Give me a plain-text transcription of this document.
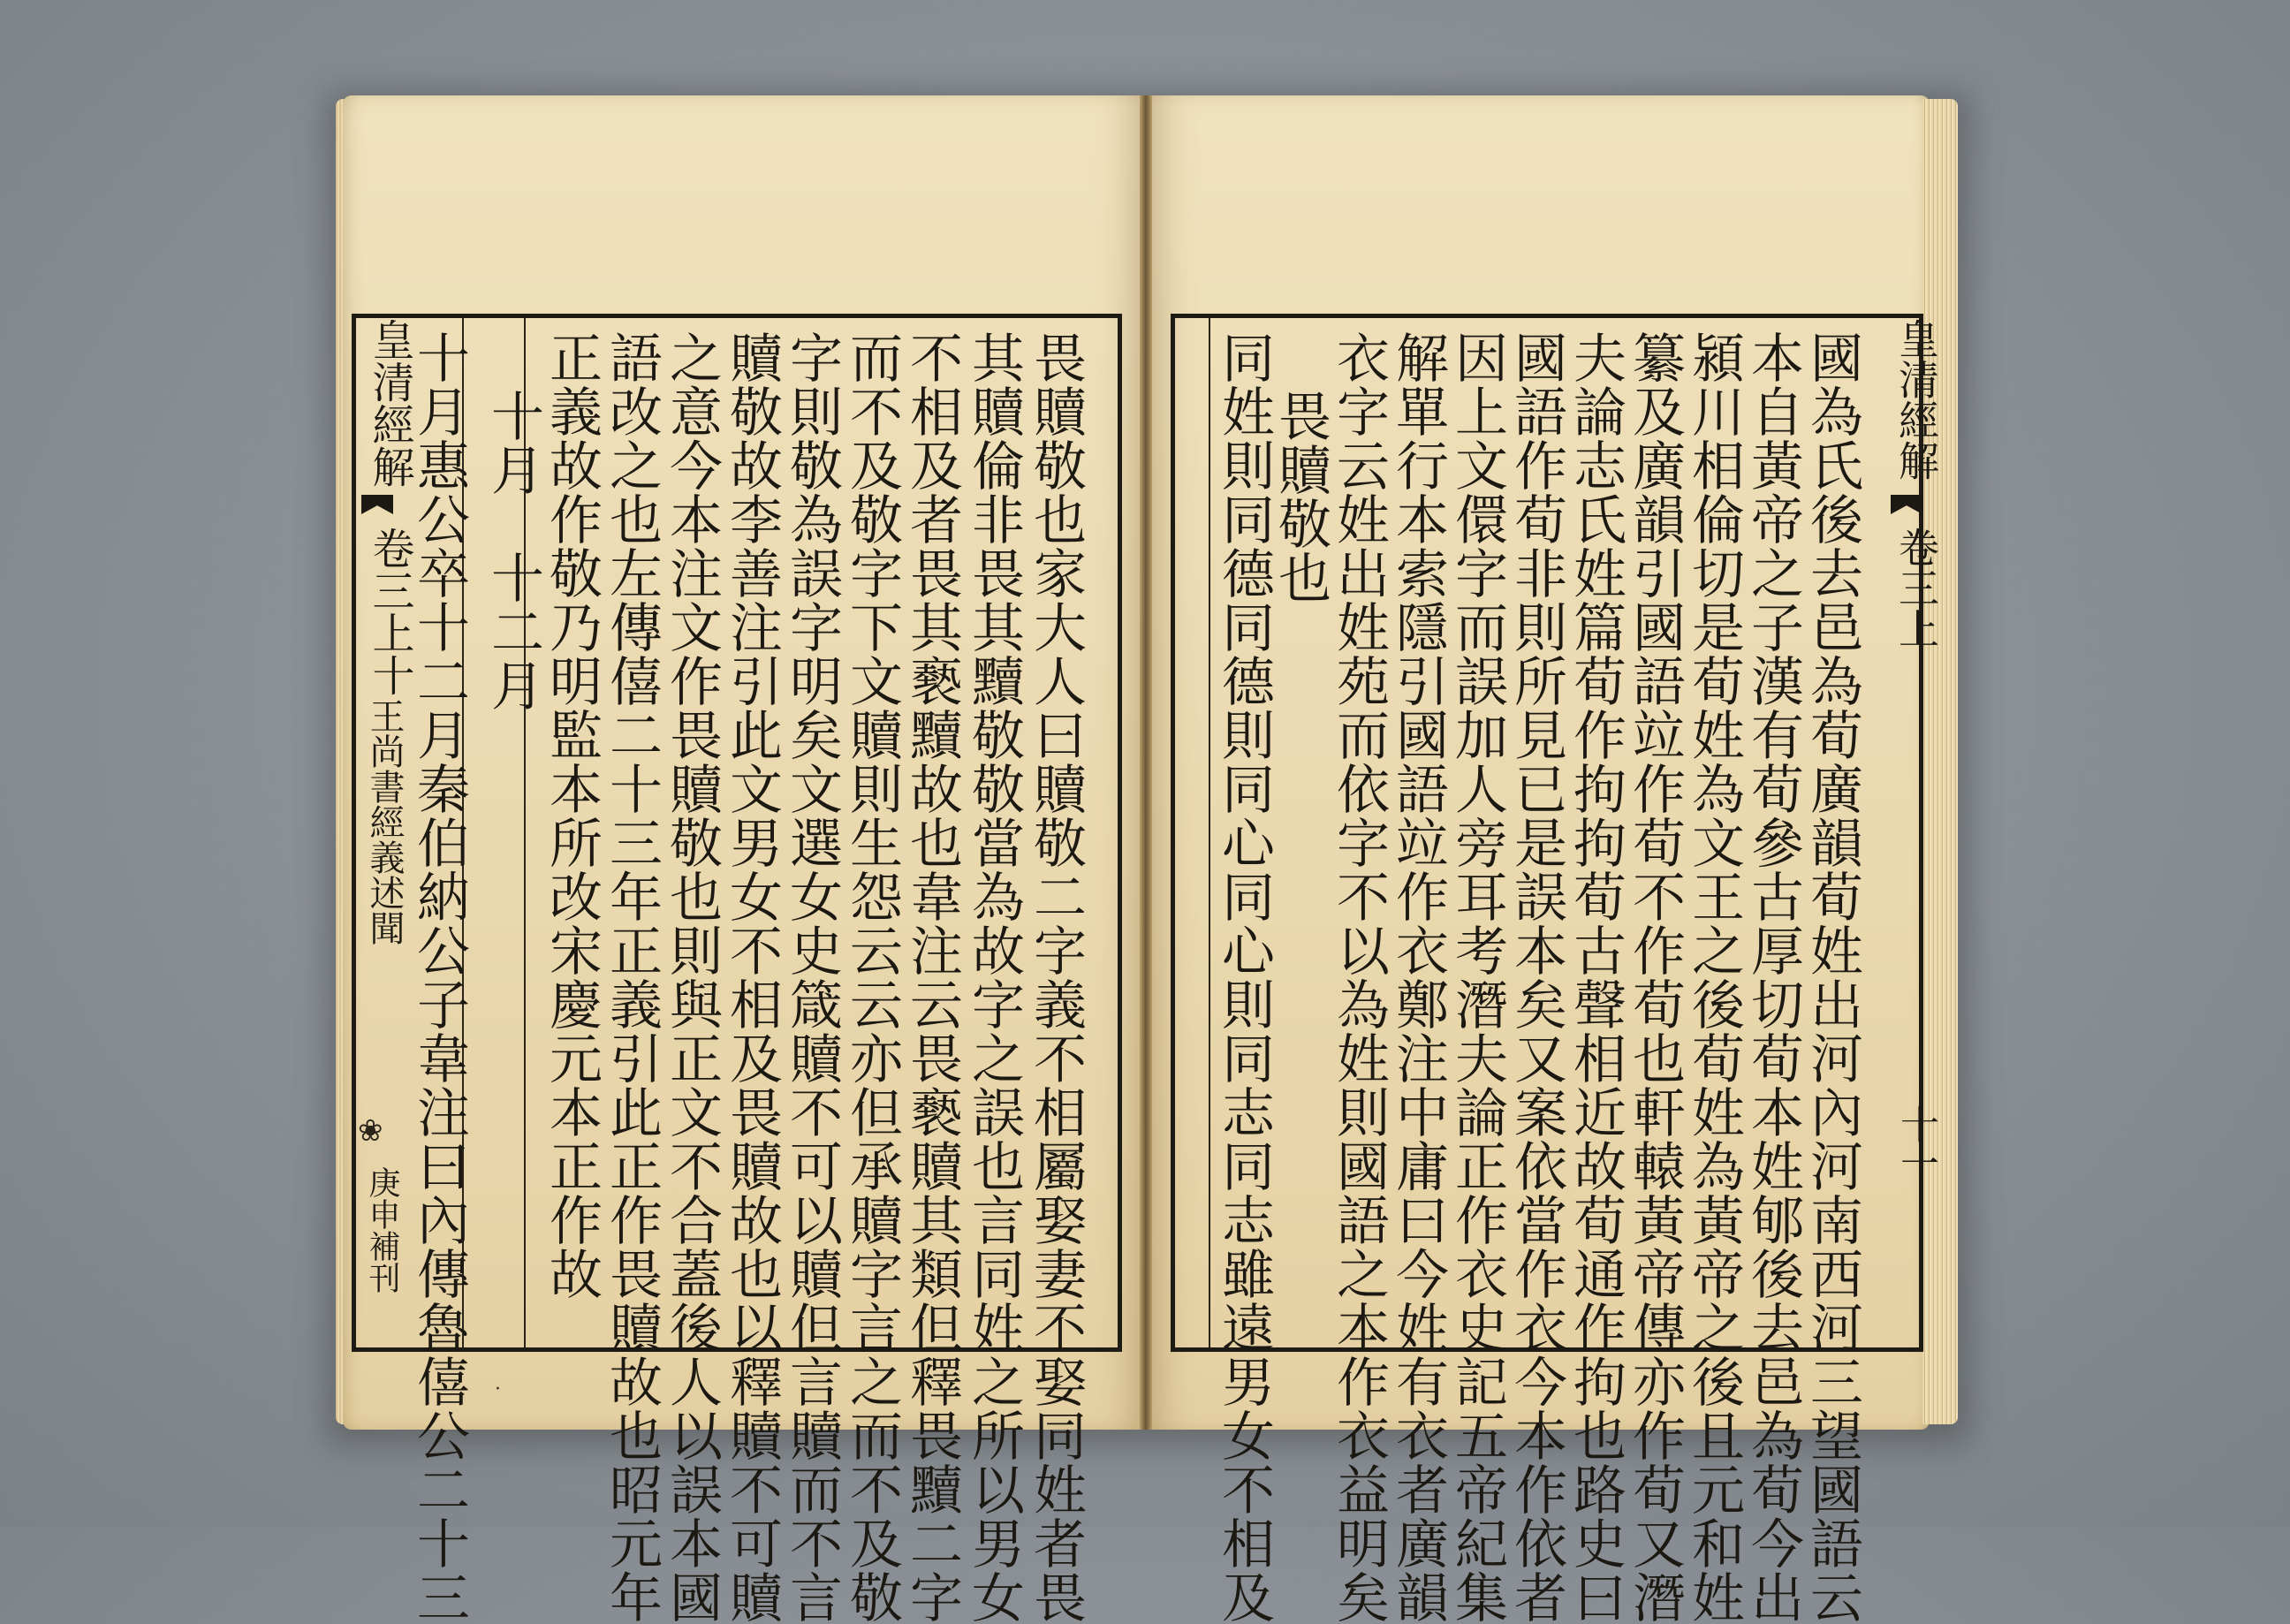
畏贖敬也家大人曰贖敬二字義不相屬娶妻不娶同姓者畏
其贖倫非畏其黷敬敬當為故字之誤也言同姓之所以男女
不相及者畏其褻黷故也韋注云畏褻贖其類但釋畏黷二字
而不及敬字下文贖則生怨云云亦但承贖字言之而不及敬
字則敬為誤字明矣文選女史箴贖不可以贖但言贖而不言
贖敬故李善注引此文男女不相及畏贖故也以釋贖不可贖
之意今本注文作畏贖敬也則與正文不合蓋後人以誤本國
語改之也左傳僖二十三年正義引此正作畏贖故也昭元年
正義故作敬乃明監本所改宋慶元本正作故
十月　十二月
十月惠公卒十二月秦伯納公子韋注曰內傳魯僖公二十三
皇清經解
卷三上十
王尚書經義述聞
❀
庚申補刊	國為氏後去邑為荀廣韻荀姓出河內河南西河三望國語云
本自黃帝之子漢有荀參古厚切荀本姓郇後去邑為荀今出
潁川相倫切是荀姓為文王之後荀姓為黃帝之後且元和姓
纂及廣韻引國語竝作荀不作荀也軒轅黃帝傳亦作荀又潛
夫論志氏姓篇荀作拘拘荀古聲相近故荀通作拘也路史曰
國語作荀非則所見已是誤本矣又案依當作衣今本作依者
因上文儇字而誤加人旁耳考潛夫論正作衣史記五帝紀集
解單行本索隱引國語竝作衣鄭注中庸曰今姓有衣者廣韻
衣字云姓出姓苑而依字不以為姓則國語之本作衣益明矣
畏贖敬也
同姓則同德同德則同心同心則同志同志雖遠男女不相及	皇清經解
卷三上
十一
·
